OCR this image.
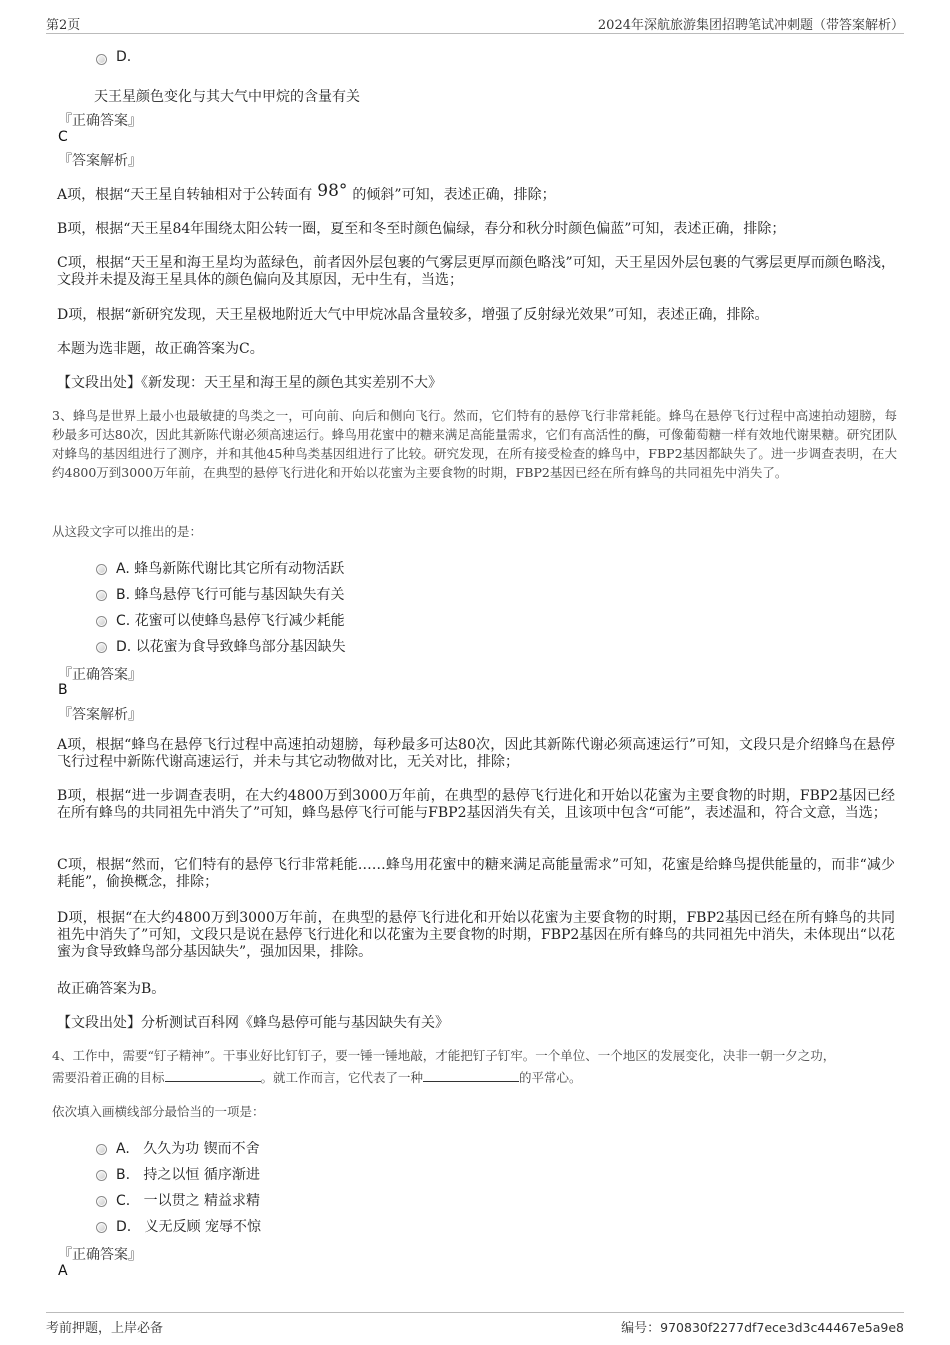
第2页	2024年深航旅游集团招聘笔试冲刺题（带答案解析）
D.
天王星颜色变化与其大气中甲烷的含量有关
『正确答案』
C
『答案解析』
A项，根据“天王星自转轴相对于公转面有 98° 的倾斜”可知，表述正确，排除；
B项，根据“天王星84年围绕太阳公转一圈，夏至和冬至时颜色偏绿，春分和秋分时颜色偏蓝”可知，表述正确，排除；
C项，根据“天王星和海王星均为蓝绿色，前者因外层包裹的气雾层更厚而颜色略浅”可知，天王星因外层包裹的气雾层更厚而颜色略浅，文段并未提及海王星具体的颜色偏向及其原因，无中生有，当选；
D项，根据“新研究发现，天王星极地附近大气中甲烷冰晶含量较多，增强了反射绿光效果”可知，表述正确，排除。
本题为选非题，故正确答案为C。
【文段出处】《新发现：天王星和海王星的颜色其实差别不大》
3、蜂鸟是世界上最小也最敏捷的鸟类之一，可向前、向后和侧向飞行。然而，它们特有的悬停飞行非常耗能。蜂鸟在悬停飞行过程中高速拍动翅膀，每秒最多可达80次，因此其新陈代谢必须高速运行。蜂鸟用花蜜中的糖来满足高能量需求，它们有高活性的酶，可像葡萄糖一样有效地代谢果糖。研究团队对蜂鸟的基因组进行了测序，并和其他45种鸟类基因组进行了比较。研究发现，在所有接受检查的蜂鸟中，FBP2基因都缺失了。进一步调查表明，在大约4800万到3000万年前，在典型的悬停飞行进化和开始以花蜜为主要食物的时期，FBP2基因已经在所有蜂鸟的共同祖先中消失了。
从这段文字可以推出的是：
A. 蜂鸟新陈代谢比其它所有动物活跃
B. 蜂鸟悬停飞行可能与基因缺失有关
C. 花蜜可以使蜂鸟悬停飞行减少耗能
D. 以花蜜为食导致蜂鸟部分基因缺失
『正确答案』
B
『答案解析』
A项，根据“蜂鸟在悬停飞行过程中高速拍动翅膀，每秒最多可达80次，因此其新陈代谢必须高速运行”可知，文段只是介绍蜂鸟在悬停飞行过程中新陈代谢高速运行，并未与其它动物做对比，无关对比，排除；
B项，根据“进一步调查表明，在大约4800万到3000万年前，在典型的悬停飞行进化和开始以花蜜为主要食物的时期，FBP2基因已经在所有蜂鸟的共同祖先中消失了”可知，蜂鸟悬停飞行可能与FBP2基因消失有关，且该项中包含“可能”，表述温和，符合文意，当选；
C项，根据“然而，它们特有的悬停飞行非常耗能……蜂鸟用花蜜中的糖来满足高能量需求”可知，花蜜是给蜂鸟提供能量的，而非“减少耗能”，偷换概念，排除；
D项，根据“在大约4800万到3000万年前，在典型的悬停飞行进化和开始以花蜜为主要食物的时期，FBP2基因已经在所有蜂鸟的共同祖先中消失了”可知，文段只是说在悬停飞行进化和以花蜜为主要食物的时期，FBP2基因在所有蜂鸟的共同祖先中消失，未体现出“以花蜜为食导致蜂鸟部分基因缺失”，强加因果，排除。
故正确答案为B。
【文段出处】分析测试百科网《蜂鸟悬停可能与基因缺失有关》
4、工作中，需要“钉子精神”。干事业好比钉钉子，要一锤一锤地敲，才能把钉子钉牢。一个单位、一个地区的发展变化，决非一朝一夕之功，
需要沿着正确的目标	。就工作而言，它代表了一种	的平常心。
依次填入画横线部分最恰当的一项是：
A. 久久为功 锲而不舍
B. 持之以恒 循序渐进
C. 一以贯之 精益求精
D. 义无反顾 宠辱不惊
『正确答案』
A
考前押题，上岸必备	编号：970830f2277df7ece3d3c44467e5a9e8
